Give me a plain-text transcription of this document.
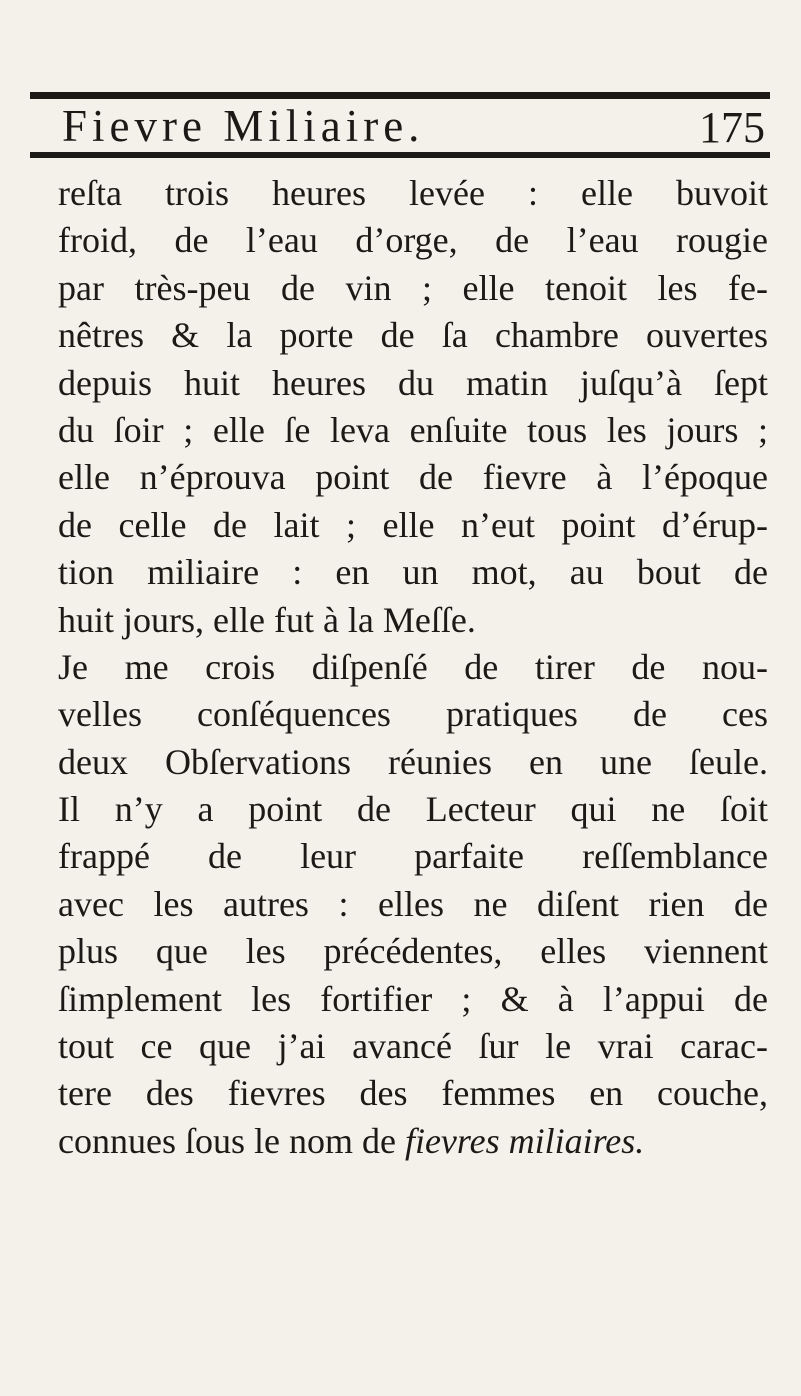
Fievre Miliaire.	175
reſta trois heures levée : elle buvoit
froid, de l’eau d’orge, de l’eau rougie
par très-peu de vin ; elle tenoit les fe-
nêtres & la porte de ſa chambre ouvertes
depuis huit heures du matin juſqu’à ſept
du ſoir ; elle ſe leva enſuite tous les jours ;
elle n’éprouva point de fievre à l’époque
de celle de lait ; elle n’eut point d’érup-
tion miliaire : en un mot, au bout de
huit jours, elle fut à la Meſſe.
Je me crois diſpenſé de tirer de nou-
velles conſéquences pratiques de ces
deux Obſervations réunies en une ſeule.
Il n’y a point de Lecteur qui ne ſoit
frappé de leur parfaite reſſemblance
avec les autres : elles ne diſent rien de
plus que les précédentes, elles viennent
ſimplement les fortifier ; & à l’appui de
tout ce que j’ai avancé ſur le vrai carac-
tere des fievres des femmes en couche,
connues ſous le nom de fievres miliaires.
